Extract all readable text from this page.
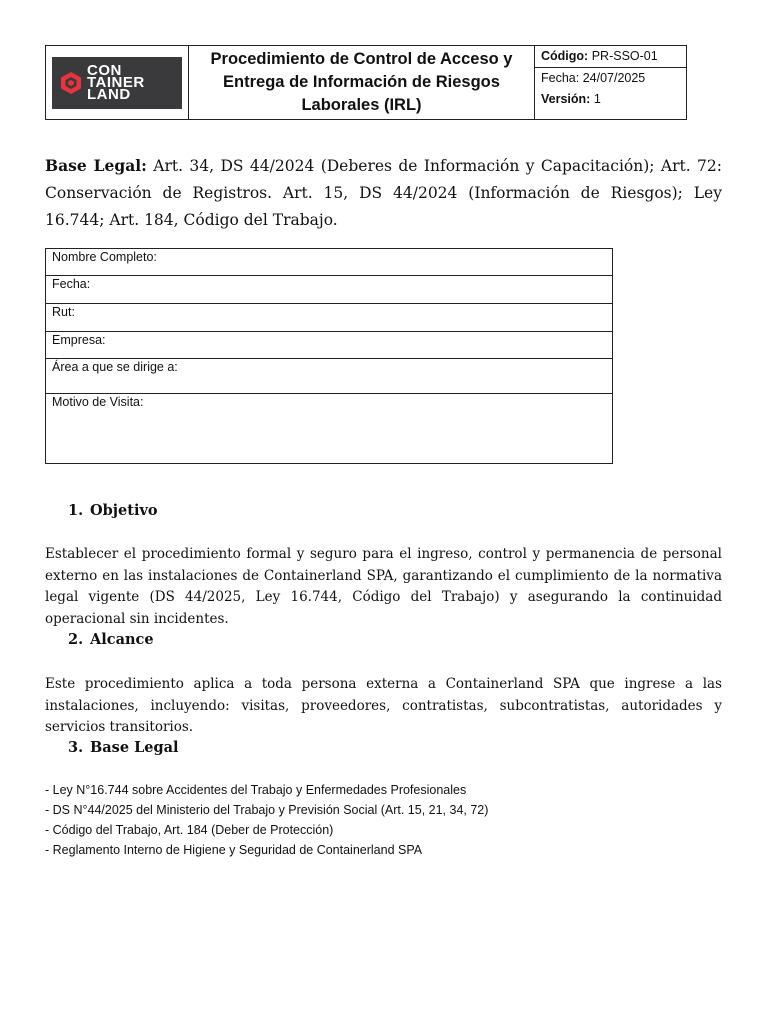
CON
TAINER
LAND
	Procedimiento de Control de Acceso y Entrega de Información de Riesgos Laborales (IRL)	
Código: PR-SSO-01
Fecha: 24/07/2025
Versión: 1
Base Legal: Art. 34, DS 44/2024 (Deberes de Información y Capacitación); Art. 72: Conservación de Registros. Art. 15, DS 44/2024 (Información de Riesgos); Ley 16.744; Art. 184, Código del Trabajo.
Nombre Completo:
Fecha:
Rut:
Empresa:
Área a que se dirige a:
Motivo de Visita:
1. Objetivo
Establecer el procedimiento formal y seguro para el ingreso, control y permanencia de personal externo en las instalaciones de Containerland SPA, garantizando el cumplimiento de la normativa legal vigente (DS 44/2025, Ley 16.744, Código del Trabajo) y asegurando la continuidad operacional sin incidentes.
2. Alcance
Este procedimiento aplica a toda persona externa a Containerland SPA que ingrese a las instalaciones, incluyendo: visitas, proveedores, contratistas, subcontratistas, autoridades y servicios transitorios.
3. Base Legal
- Ley N°16.744 sobre Accidentes del Trabajo y Enfermedades Profesionales
- DS N°44/2025 del Ministerio del Trabajo y Previsión Social (Art. 15, 21, 34, 72)
- Código del Trabajo, Art. 184 (Deber de Protección)
- Reglamento Interno de Higiene y Seguridad de Containerland SPA
